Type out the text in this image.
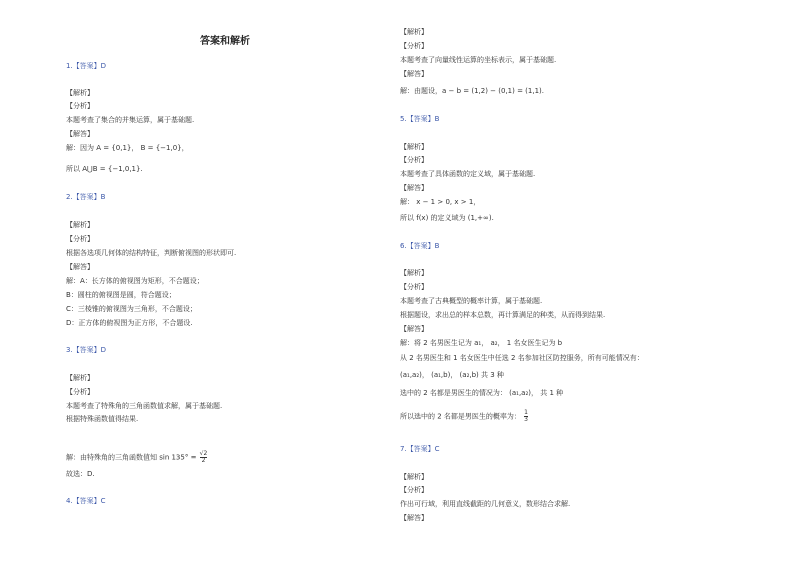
答案和解析
1.【答案】D
【解析】
【分析】
本题考查了集合的并集运算，属于基础题.
【解答】
解：因为 A = {0,1}， B = {−1,0}，
所以 A⋃B = {−1,0,1}.
2.【答案】B
【解析】
【分析】
根据各选项几何体的结构特征，判断俯视图的形状即可.
【解答】
解：A：长方体的俯视图为矩形，不合题设；
B：圆柱的俯视图是圆，符合题设；
C：三棱锥的俯视图为三角形，不合题设；
D：正方体的俯视图为正方形，不合题设.
3.【答案】D
【解析】
【分析】
本题考查了特殊角的三角函数值求解，属于基础题.
根据特殊函数值得结果.
解：由特殊角的三角函数值知 $\sin 135^\circ = \frac{√2}{2}$
故选：D.
4.【答案】C
【解析】
【分析】
本题考查了向量线性运算的坐标表示，属于基础题.
【解答】
解：由题设，a − b = (1,2) − (0,1) = (1,1).
5.【答案】B
【解析】
【分析】
本题考查了具体函数的定义域，属于基础题.
【解答】
解： x − 1 > 0, x > 1，
所以 f(x) 的定义域为 (1,+∞).
6.【答案】B
【解析】
【分析】
本题考查了古典概型的概率计算，属于基础题.
根据题设，求出总的样本总数，再计算满足的种类，从而得到结果.
【解答】
解：将 2 名男医生记为 a₁， a₂， 1 名女医生记为 b
从 2 名男医生和 1 名女医生中任选 2 名参加社区防控服务，所有可能情况有：
(a₁,a₂)， (a₁,b)， (a₂,b) 共 3 种
选中的 2 名都是男医生的情况为： (a₁,a₂)， 共 1 种
所以选中的 2 名都是男医生的概率为： $\frac{1}{3}$
7.【答案】C
【解析】
【分析】
作出可行域，利用直线截距的几何意义，数形结合求解.
【解答】
